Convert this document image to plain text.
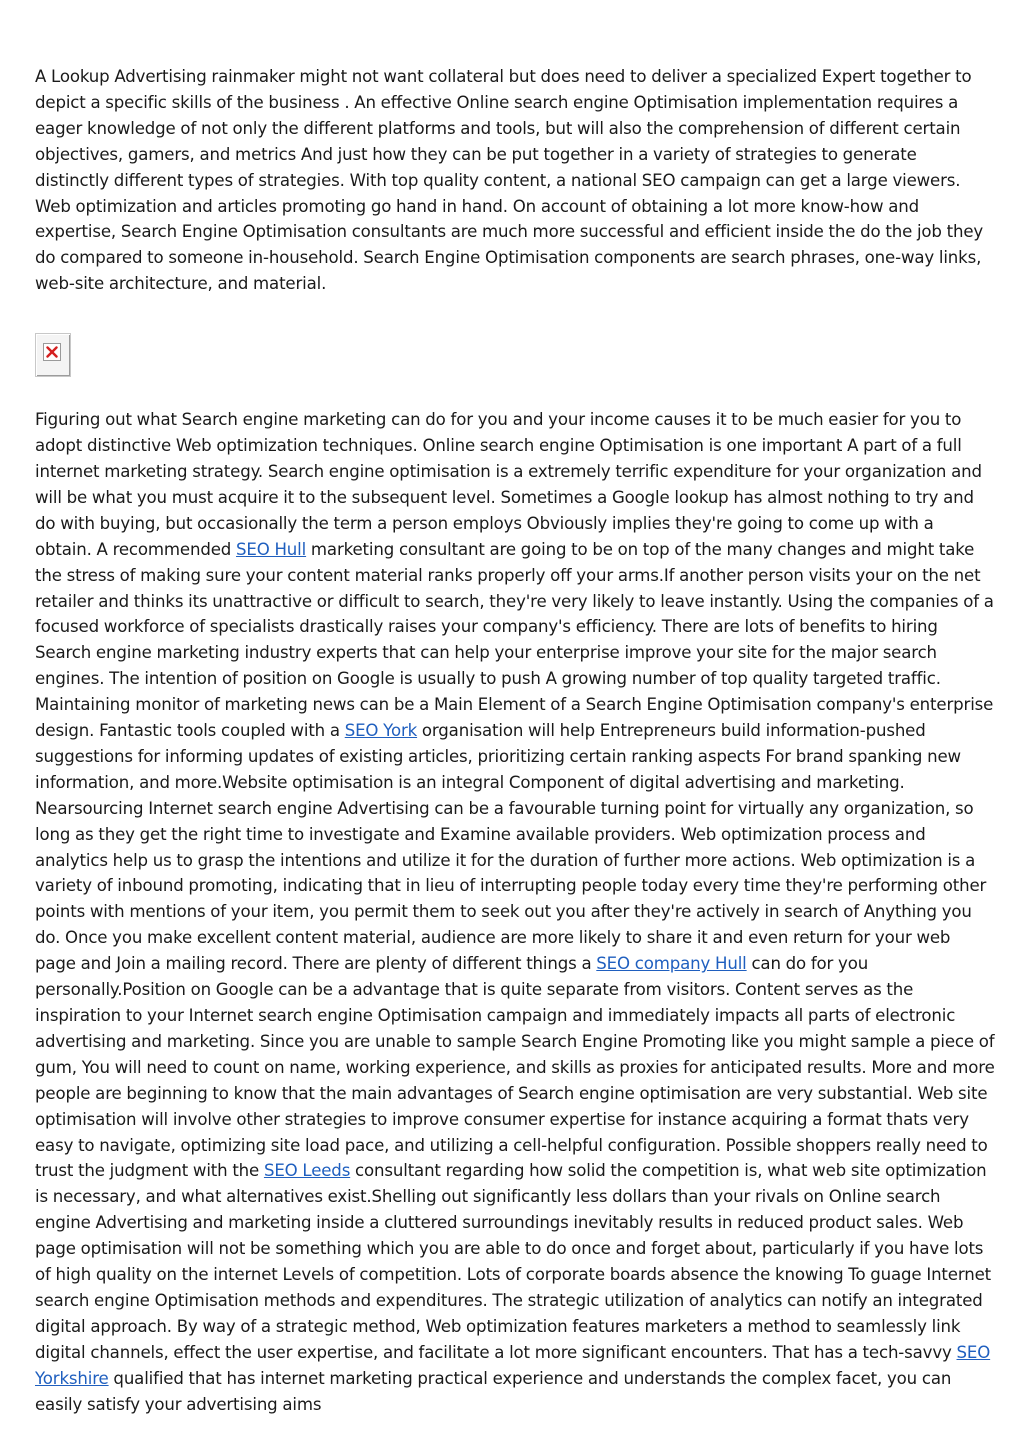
A Lookup Advertising rainmaker might not want collateral but does need to deliver a specialized Expert together to depict a specific skills of the business . An effective Online search engine Optimisation implementation requires a eager knowledge of not only the different platforms and tools, but will also the comprehension of different certain objectives, gamers, and metrics And just how they can be put together in a variety of strategies to generate distinctly different types of strategies. With top quality content, a national SEO campaign can get a large viewers. Web optimization and articles promoting go hand in hand. On account of obtaining a lot more know-how and expertise, Search Engine Optimisation consultants are much more successful and efficient inside the do the job they do compared to someone in-household. Search Engine Optimisation components are search phrases, one-way links, web-site architecture, and material.

Figuring out what Search engine marketing can do for you and your income causes it to be much easier for you to adopt distinctive Web optimization techniques. Online search engine Optimisation is one important A part of a full internet marketing strategy. Search engine optimisation is a extremely terrific expenditure for your organization and will be what you must acquire it to the subsequent level. Sometimes a Google lookup has almost nothing to try and do with buying, but occasionally the term a person employs Obviously implies they're going to come up with a obtain. A recommended SEO Hull marketing consultant are going to be on top of the many changes and might take the stress of making sure your content material ranks properly off your arms.If another person visits your on the net retailer and thinks its unattractive or difficult to search, they're very likely to leave instantly. Using the companies of a focused workforce of specialists drastically raises your company's efficiency. There are lots of benefits to hiring Search engine marketing industry experts that can help your enterprise improve your site for the major search engines. The intention of position on Google is usually to push A growing number of top quality targeted traffic. Maintaining monitor of marketing news can be a Main Element of a Search Engine Optimisation company's enterprise design. Fantastic tools coupled with a SEO York organisation will help Entrepreneurs build information-pushed suggestions for informing updates of existing articles, prioritizing certain ranking aspects For brand spanking new information, and more.Website optimisation is an integral Component of digital advertising and marketing. Nearsourcing Internet search engine Advertising can be a favourable turning point for virtually any organization, so long as they get the right time to investigate and Examine available providers. Web optimization process and analytics help us to grasp the intentions and utilize it for the duration of further more actions. Web optimization is a variety of inbound promoting, indicating that in lieu of interrupting people today every time they're performing other points with mentions of your item, you permit them to seek out you after they're actively in search of Anything you do. Once you make excellent content material, audience are more likely to share it and even return for your web page and Join a mailing record. There are plenty of different things a SEO company Hull can do for you personally.Position on Google can be a advantage that is quite separate from visitors. Content serves as the inspiration to your Internet search engine Optimisation campaign and immediately impacts all parts of electronic advertising and marketing. Since you are unable to sample Search Engine Promoting like you might sample a piece of gum, You will need to count on name, working experience, and skills as proxies for anticipated results. More and more people are beginning to know that the main advantages of Search engine optimisation are very substantial. Web site optimisation will involve other strategies to improve consumer expertise for instance acquiring a format thats very easy to navigate, optimizing site load pace, and utilizing a cell-helpful configuration. Possible shoppers really need to trust the judgment with the SEO Leeds consultant regarding how solid the competition is, what web site optimization is necessary, and what alternatives exist.Shelling out significantly less dollars than your rivals on Online search engine Advertising and marketing inside a cluttered surroundings inevitably results in reduced product sales. Web page optimisation will not be something which you are able to do once and forget about, particularly if you have lots of high quality on the internet Levels of competition. Lots of corporate boards absence the knowing To guage Internet search engine Optimisation methods and expenditures. The strategic utilization of analytics can notify an integrated digital approach. By way of a strategic method, Web optimization features marketers a method to seamlessly link digital channels, effect the user expertise, and facilitate a lot more significant encounters. That has a tech-savvy SEO Yorkshire qualified that has internet marketing practical experience and understands the complex facet, you can easily satisfy your advertising aims
